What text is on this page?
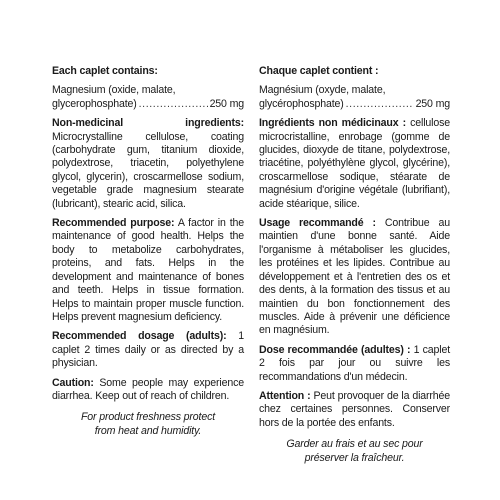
Each caplet contains:
Magnesium (oxide, malate,
glycerophosphate) .....	250 mg
Non-medicinal ingredients: Microcrystalline cellulose, coating (carbohydrate gum, titanium dioxide, polydextrose, triacetin, polyethylene glycol, glycerin), croscarmellose sodium, vegetable grade magnesium stearate (lubricant), stearic acid, silica.
Recommended purpose: A factor in the maintenance of good health. Helps the body to metabolize carbohydrates, proteins, and fats. Helps in the development and maintenance of bones and teeth. Helps in tissue formation. Helps to maintain proper muscle function. Helps prevent magnesium deficiency.
Recommended dosage (adults): 1 caplet 2 times daily or as directed by a physician.
Caution: Some people may experience diarrhea. Keep out of reach of children.
For product freshness protect
from heat and humidity.
Chaque caplet contient :
Magnésium (oxyde, malate,
glycérophosphate) .....	250 mg
Ingrédients non médicinaux : cellulose microcristalline, enrobage (gomme de glucides, dioxyde de titane, polydextrose, triacétine, polyéthylène glycol, glycérine), croscarmellose sodique, stéarate de magnésium d'origine végétale (lubrifiant), acide stéarique, silice.
Usage recommandé : Contribue au maintien d'une bonne santé. Aide l'organisme à métaboliser les glucides, les protéines et les lipides. Contribue au développement et à l'entretien des os et des dents, à la formation des tissus et au maintien du bon fonctionnement des muscles. Aide à prévenir une déficience en magnésium.
Dose recommandée (adultes) : 1 caplet 2 fois par jour ou suivre les recommandations d'un médecin.
Attention : Peut provoquer de la diarrhée chez certaines personnes. Conserver hors de la portée des enfants.
Garder au frais et au sec pour
préserver la fraîcheur.
